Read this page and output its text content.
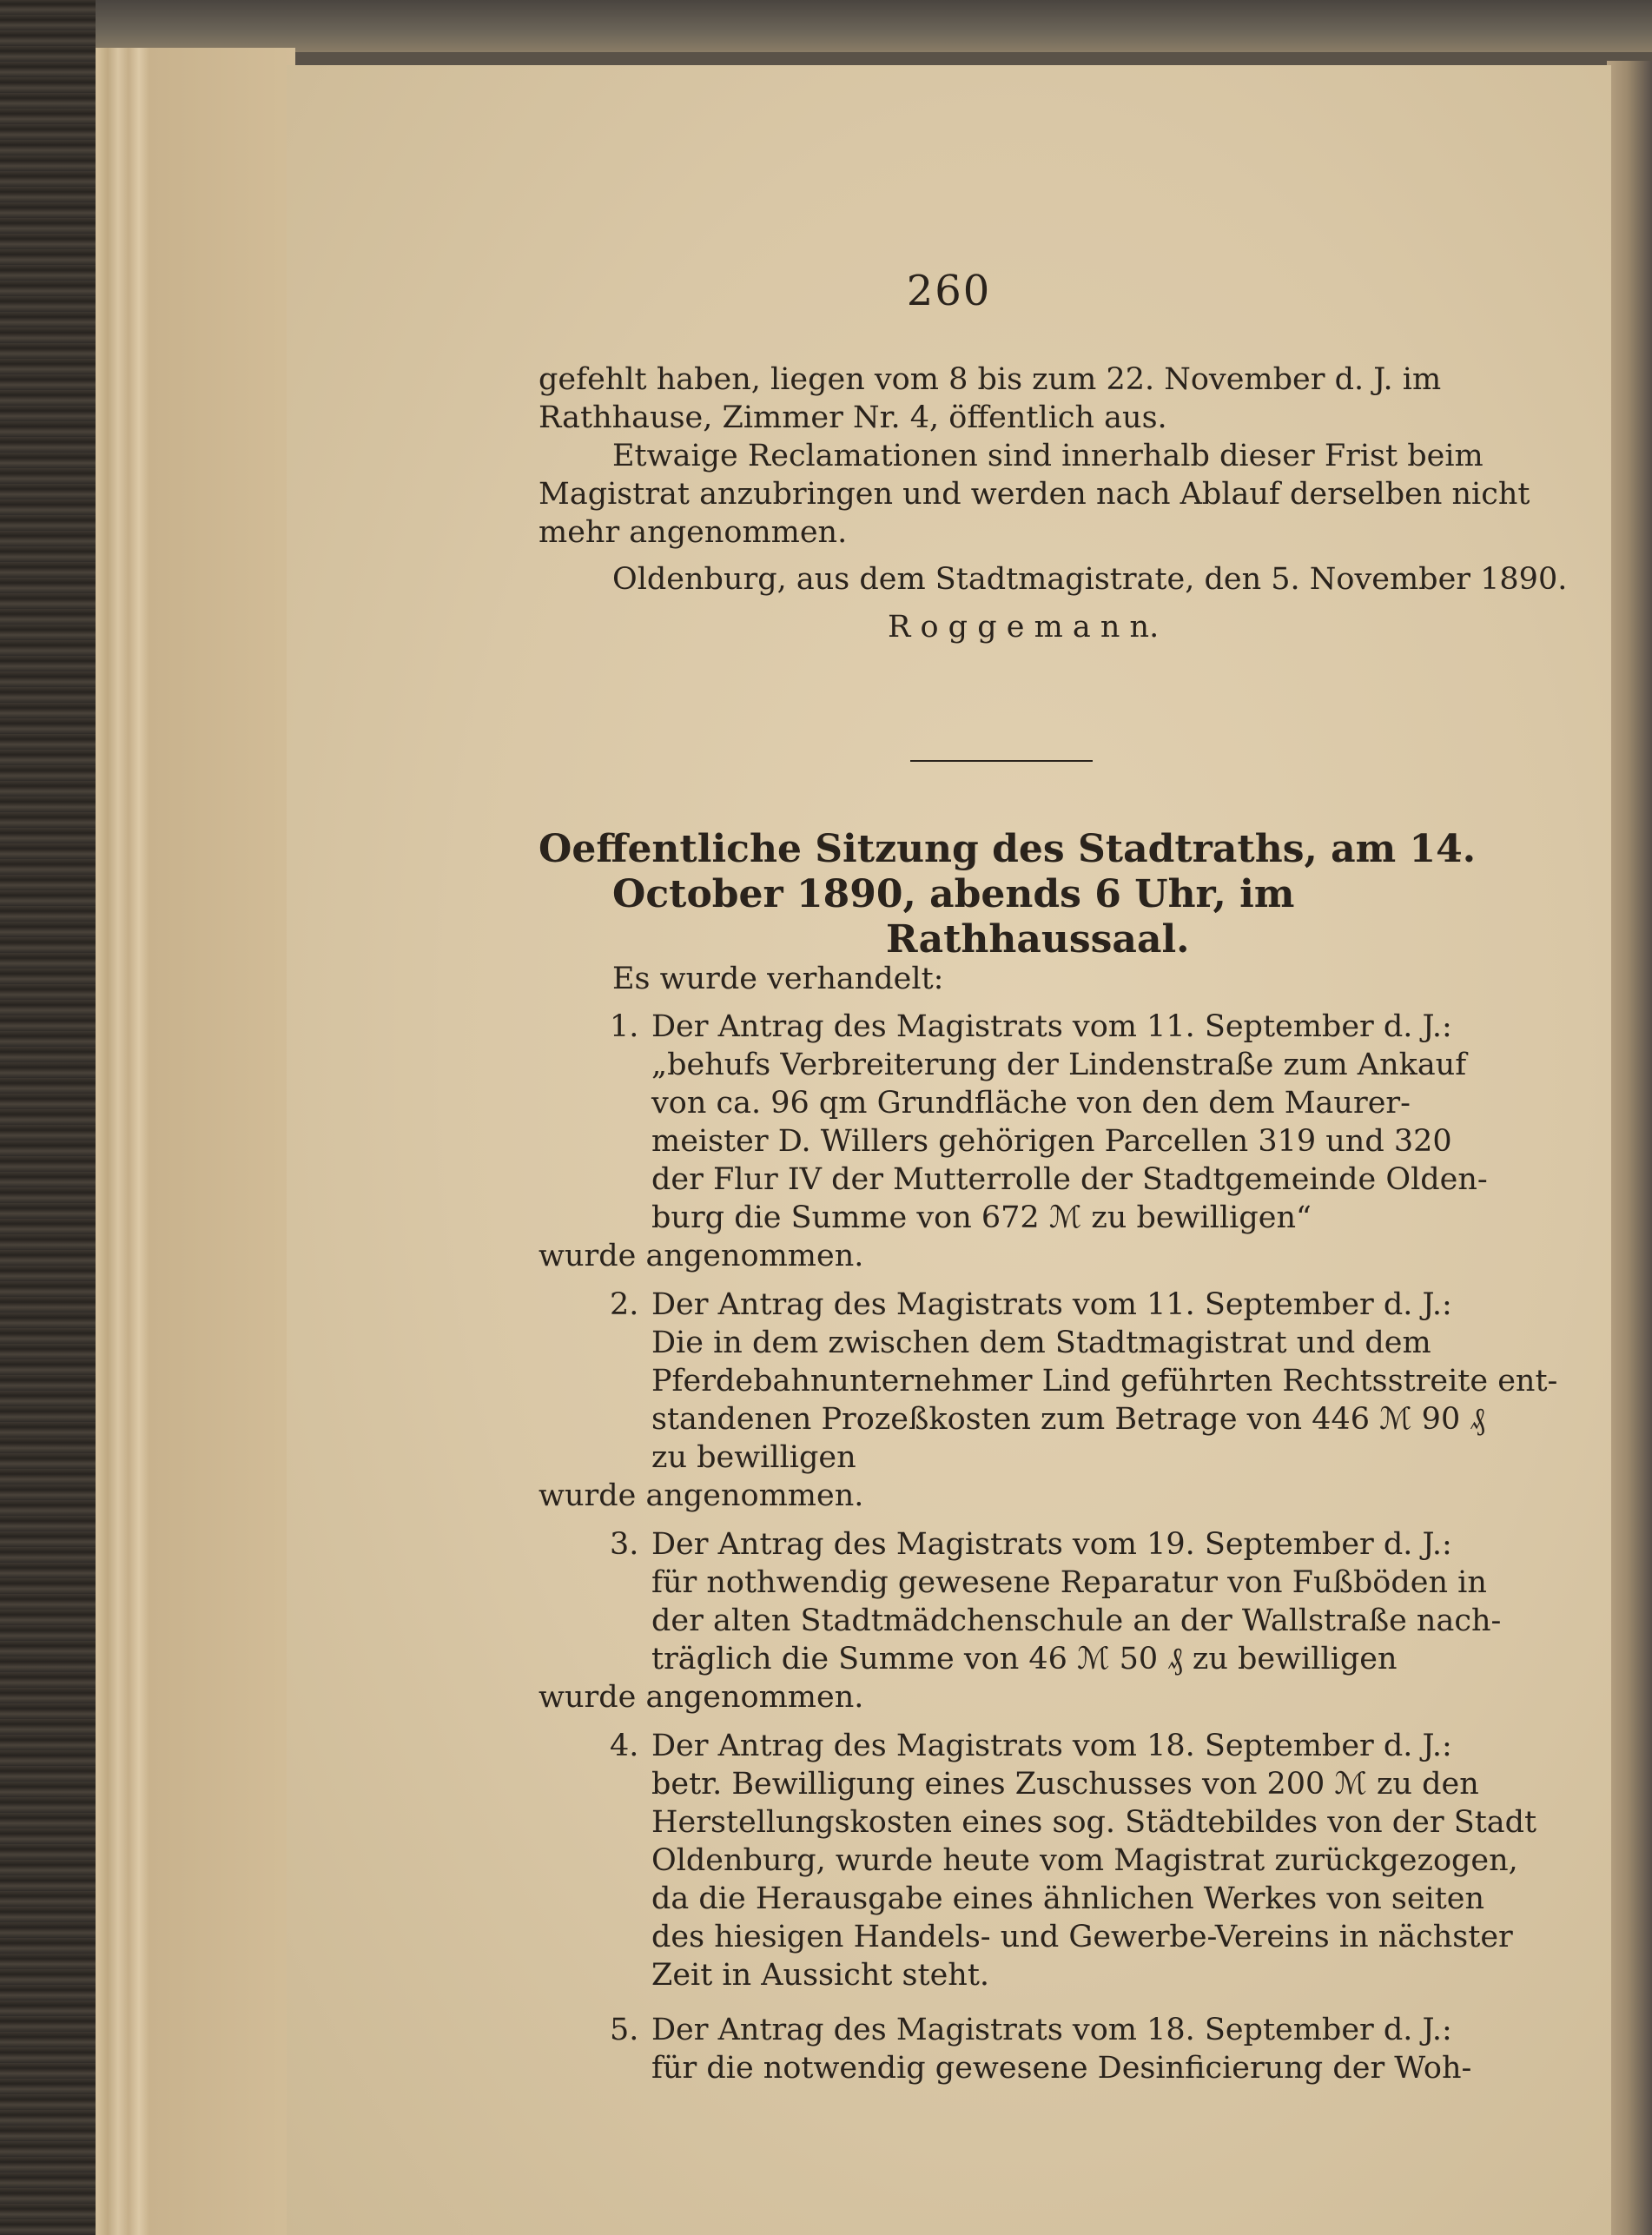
260
gefehlt haben, liegen vom 8 bis zum 22. November d. J. im
Rathhause, Zimmer Nr. 4, öffentlich aus.
Etwaige Reclamationen sind innerhalb dieser Frist beim
Magistrat anzubringen und werden nach Ablauf derselben nicht
mehr angenommen.
Oldenburg, aus dem Stadtmagistrate, den 5. November 1890.
R o g g e m a n n.
Oeffentliche Sitzung des Stadtraths, am 14.
October 1890, abends 6 Uhr, im
Rathhaussaal.
Es wurde verhandelt:
1. Der Antrag des Magistrats vom 11. September d. J.:
„behufs Verbreiterung der Lindenstraße zum Ankauf
von ca. 96 qm Grundfläche von den dem Maurer-
meister D. Willers gehörigen Parcellen 319 und 320
der Flur IV der Mutterrolle der Stadtgemeinde Olden-
burg die Summe von 672 ℳ zu bewilligen“
wurde angenommen.
2. Der Antrag des Magistrats vom 11. September d. J.:
Die in dem zwischen dem Stadtmagistrat und dem
Pferdebahnunternehmer Lind geführten Rechtsstreite ent-
standenen Prozeßkosten zum Betrage von 446 ℳ 90 ₰
zu bewilligen
wurde angenommen.
3. Der Antrag des Magistrats vom 19. September d. J.:
für nothwendig gewesene Reparatur von Fußböden in
der alten Stadtmädchenschule an der Wallstraße nach-
träglich die Summe von 46 ℳ 50 ₰ zu bewilligen
wurde angenommen.
4. Der Antrag des Magistrats vom 18. September d. J.:
betr. Bewilligung eines Zuschusses von 200 ℳ zu den
Herstellungskosten eines sog. Städtebildes von der Stadt
Oldenburg, wurde heute vom Magistrat zurückgezogen,
da die Herausgabe eines ähnlichen Werkes von seiten
des hiesigen Handels- und Gewerbe-Vereins in nächster
Zeit in Aussicht steht.
5. Der Antrag des Magistrats vom 18. September d. J.:
für die notwendig gewesene Desinficierung der Woh-
